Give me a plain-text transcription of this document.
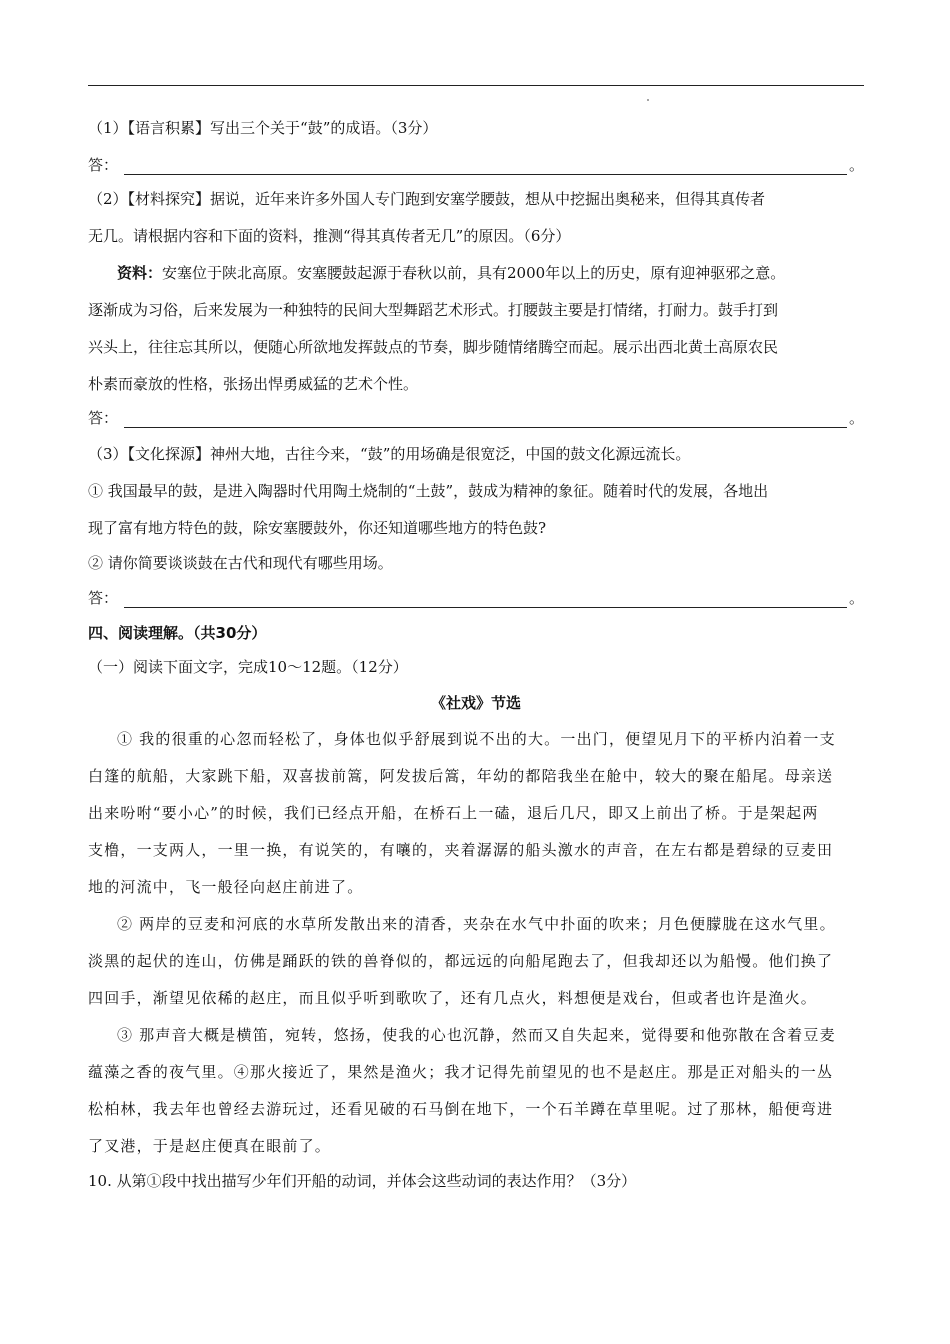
（1）【语言积累】写出三个关于“鼓”的成语。（3分）
答：	。
（2）【材料探究】据说，近年来许多外国人专门跑到安塞学腰鼓，想从中挖掘出奥秘来，但得其真传者
无几。请根据内容和下面的资料，推测“得其真传者无几”的原因。（6分）
资料：安塞位于陕北高原。安塞腰鼓起源于春秋以前，具有2000年以上的历史，原有迎神驱邪之意。
逐渐成为习俗，后来发展为一种独特的民间大型舞蹈艺术形式。打腰鼓主要是打情绪，打耐力。鼓手打到
兴头上，往往忘其所以，便随心所欲地发挥鼓点的节奏，脚步随情绪腾空而起。展示出西北黄土高原农民
朴素而豪放的性格，张扬出悍勇威猛的艺术个性。
答：	。
（3）【文化探源】神州大地，古往今来，“鼓”的用场确是很宽泛，中国的鼓文化源远流长。
① 我国最早的鼓，是进入陶器时代用陶土烧制的“土鼓”，鼓成为精神的象征。随着时代的发展，各地出
现了富有地方特色的鼓，除安塞腰鼓外，你还知道哪些地方的特色鼓?
② 请你简要谈谈鼓在古代和现代有哪些用场。
答：	。
四、阅读理解。（共30分）
（一）阅读下面文字，完成10～12题。（12分）
《社戏》节选
① 我的很重的心忽而轻松了，身体也似乎舒展到说不出的大。一出门，便望见月下的平桥内泊着一支
白篷的航船，大家跳下船，双喜拔前篙，阿发拔后篙，年幼的都陪我坐在舱中，较大的聚在船尾。母亲送
出来吩咐“要小心”的时候，我们已经点开船，在桥石上一磕，退后几尺，即又上前出了桥。于是架起两
支橹，一支两人，一里一换，有说笑的，有嚷的，夹着潺潺的船头激水的声音，在左右都是碧绿的豆麦田
地的河流中，飞一般径向赵庄前进了。
② 两岸的豆麦和河底的水草所发散出来的清香，夹杂在水气中扑面的吹来；月色便朦胧在这水气里。
淡黑的起伏的连山，仿佛是踊跃的铁的兽脊似的，都远远的向船尾跑去了，但我却还以为船慢。他们换了
四回手，渐望见依稀的赵庄，而且似乎听到歌吹了，还有几点火，料想便是戏台，但或者也许是渔火。
③ 那声音大概是横笛，宛转，悠扬，使我的心也沉静，然而又自失起来，觉得要和他弥散在含着豆麦
蕴藻之香的夜气里。④那火接近了，果然是渔火；我才记得先前望见的也不是赵庄。那是正对船头的一丛
松柏林，我去年也曾经去游玩过，还看见破的石马倒在地下，一个石羊蹲在草里呢。过了那林，船便弯进
了叉港，于是赵庄便真在眼前了。
10. 从第①段中找出描写少年们开船的动词，并体会这些动词的表达作用？（3分）
